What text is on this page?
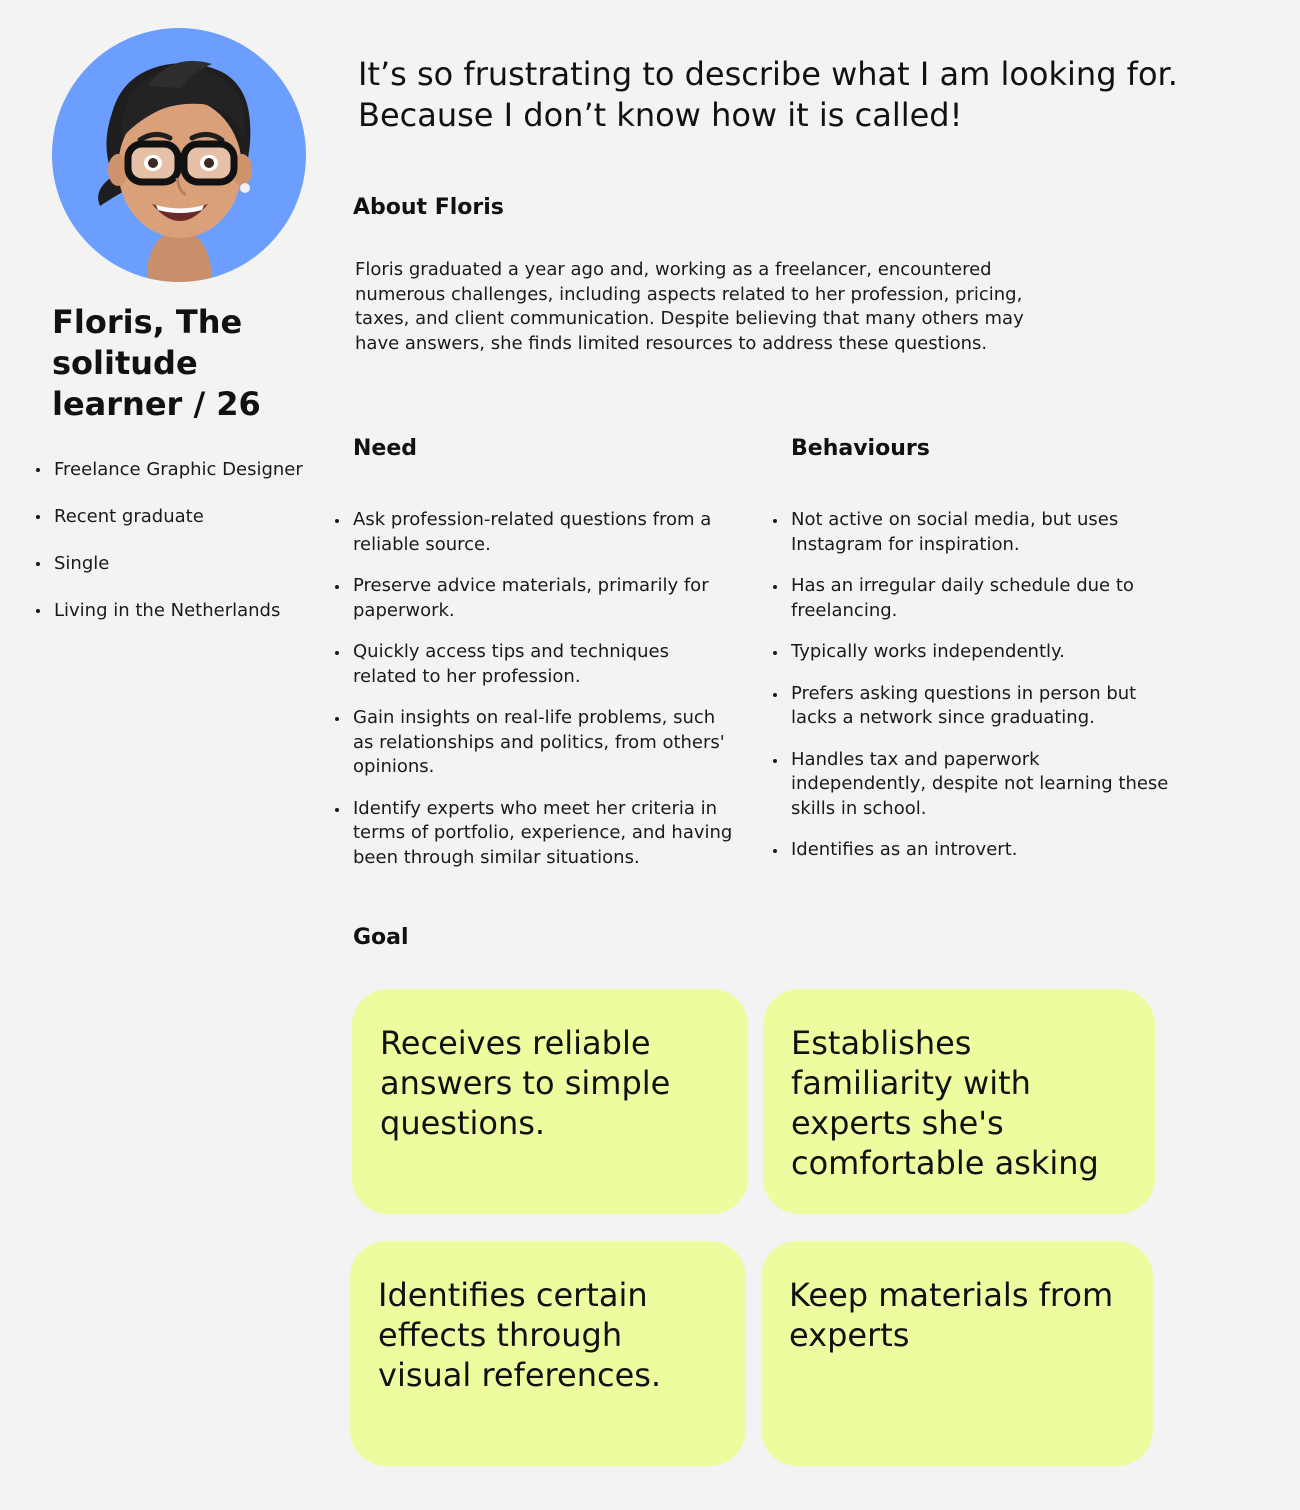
Floris, The solitude learner / 26
Freelance Graphic Designer
Recent graduate
Single
Living in the Netherlands

It’s so frustrating to describe what I am looking for. Because I don’t know how it is called!

About Floris

Floris graduated a year ago and, working as a freelancer, encountered numerous challenges, including aspects related to her profession, pricing, taxes, and client communication. Despite believing that many others may have answers, she finds limited resources to address these questions.

Need
Ask profession-related questions from a reliable source.
Preserve advice materials, primarily for paperwork.
Quickly access tips and techniques related to her profession.
Gain insights on real-life problems, such as relationships and politics, from others' opinions.
Identify experts who meet her criteria in terms of portfolio, experience, and having been through similar situations.
Behaviours
Not active on social media, but uses Instagram for inspiration.
Has an irregular daily schedule due to freelancing.
Typically works independently.
Prefers asking questions in person but lacks a network since graduating.
Handles tax and paperwork independently, despite not learning these skills in school.
Identifies as an introvert.
Goal
Receives reliable answers to simple questions.
Establishes familiarity with experts she's comfortable asking
Identifies certain effects through visual references.
Keep materials from experts
